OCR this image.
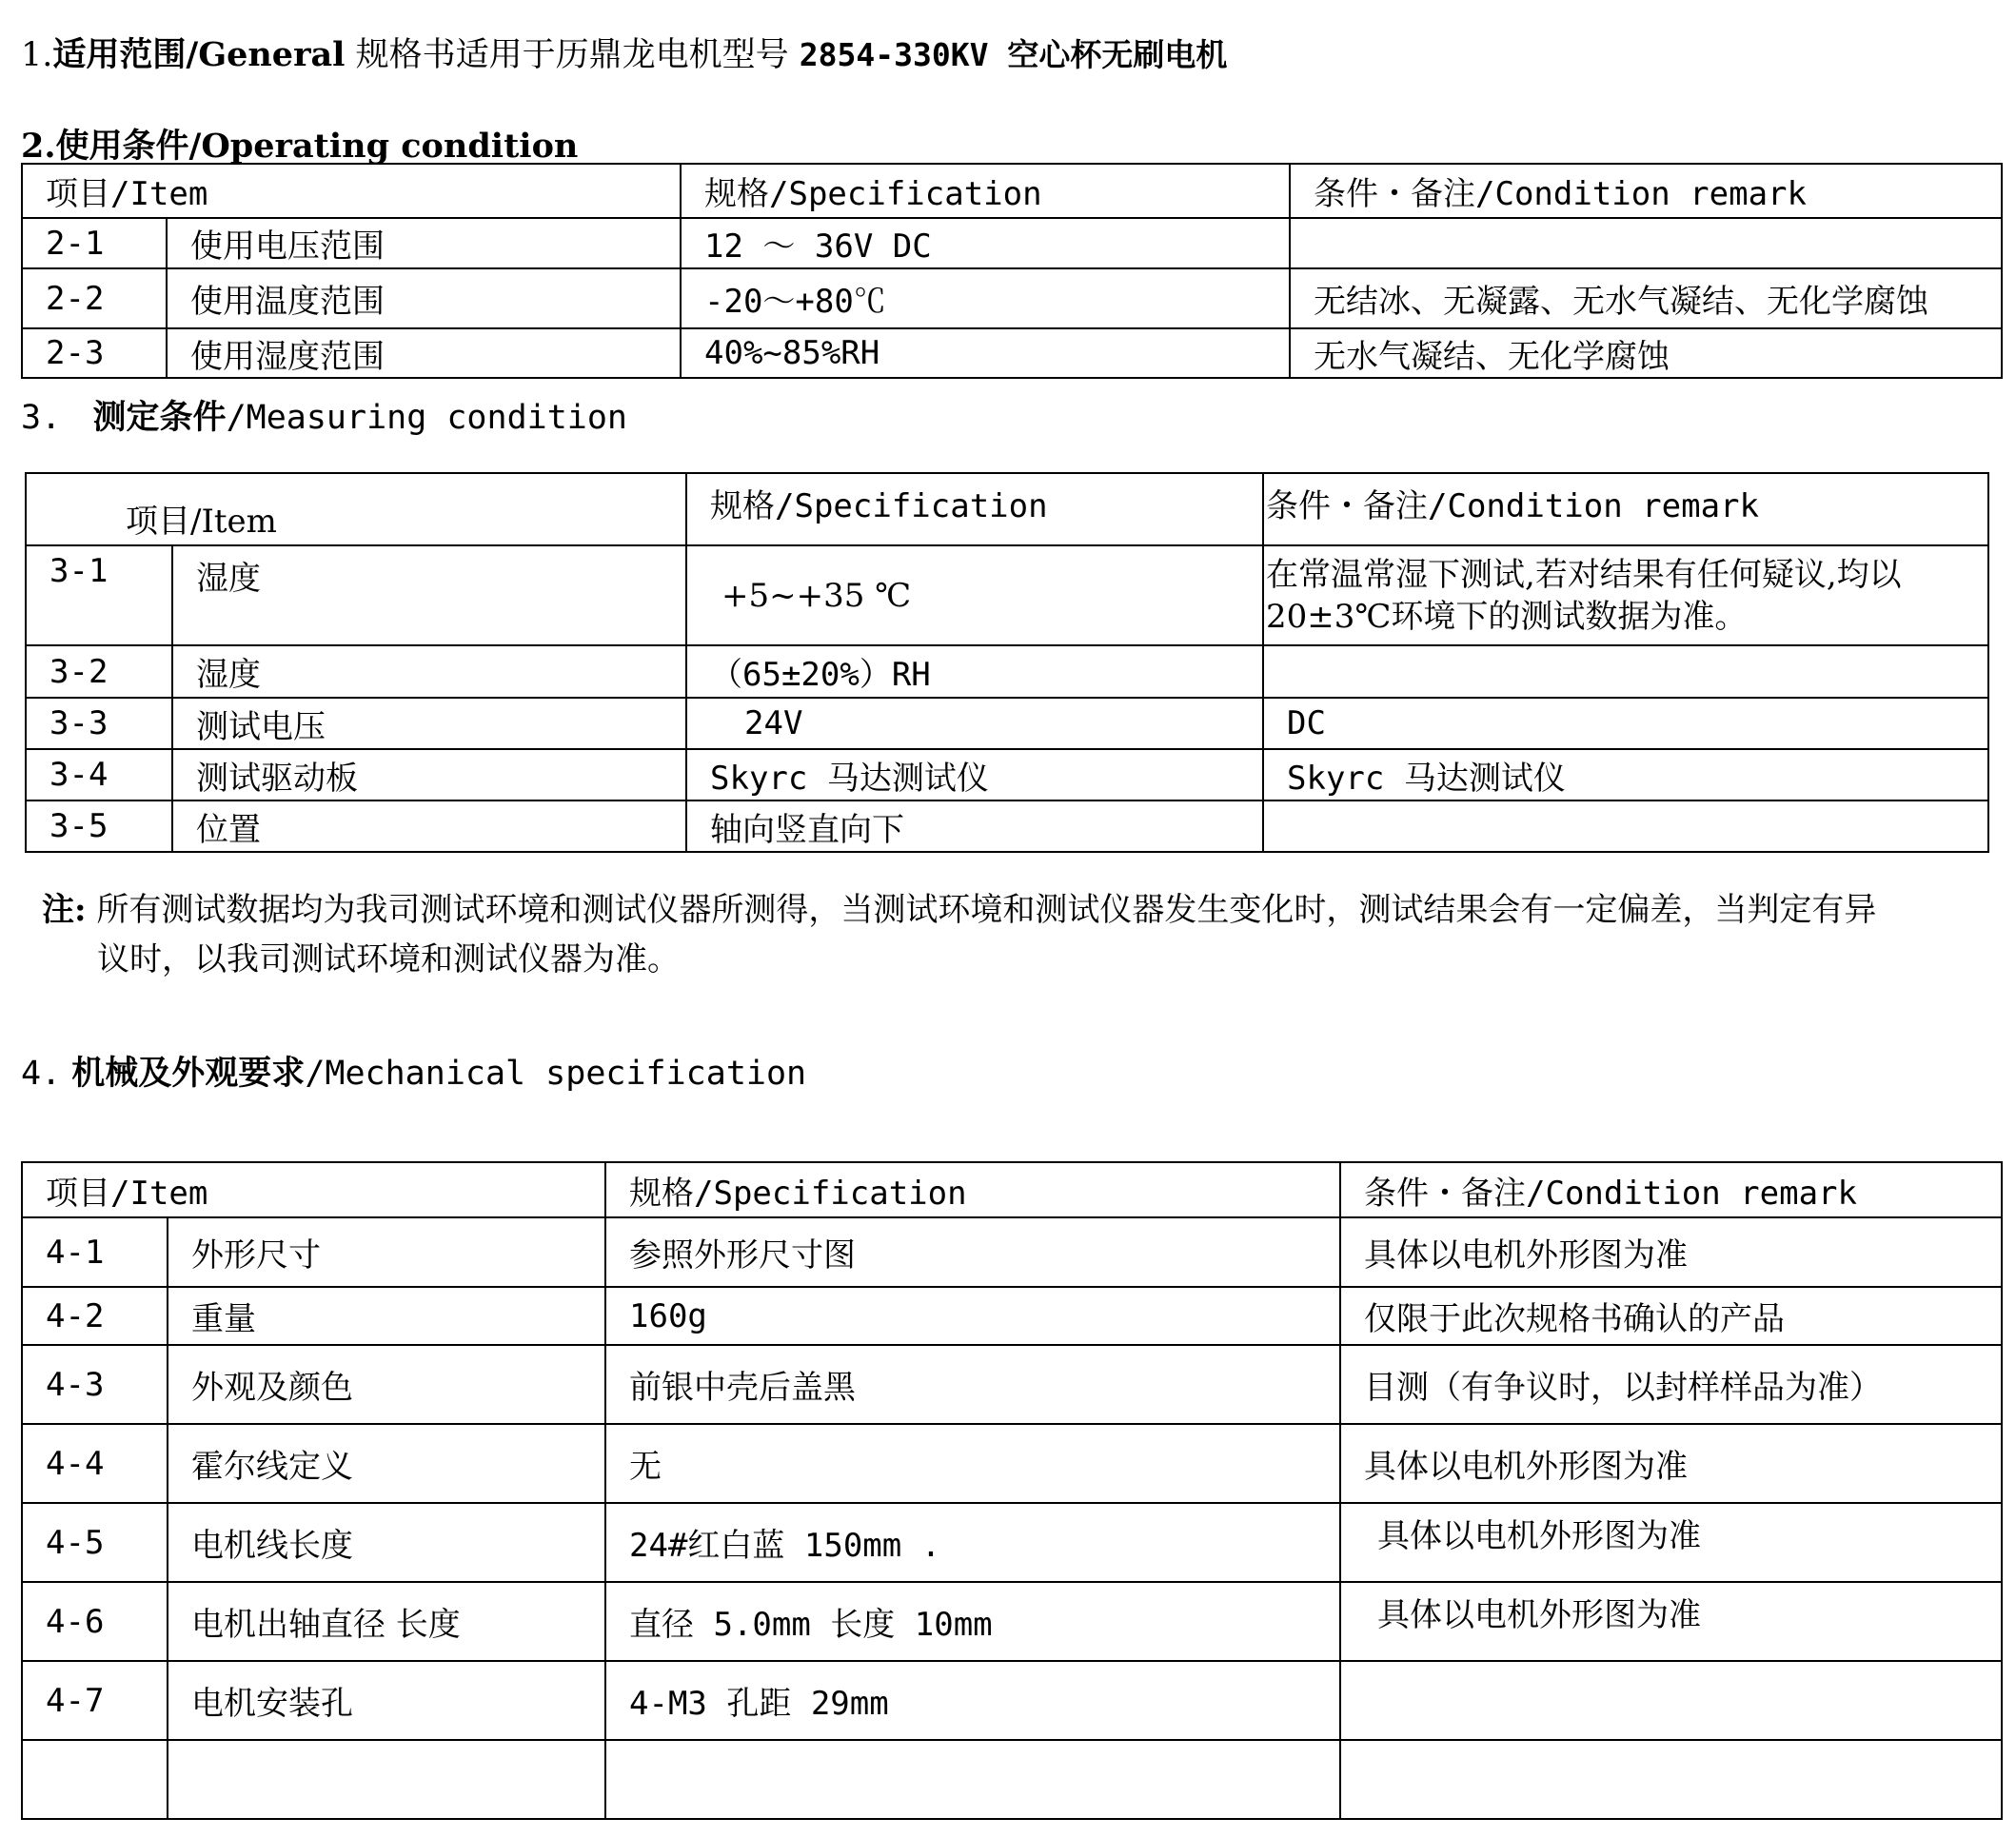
1.适用范围/General 规格书适用于历鼎龙电机型号 2854-330KV 空心杯无刷电机
2.使用条件/Operating condition
项目/Item		规格/Specification	条件・备注/Condition remark
2-1	使用电压范围	12 ～ 36V DC	
2-2	使用温度范围	-20～+80℃	无结冰、无凝露、无水气凝结、无化学腐蚀
2-3	使用湿度范围	40%~85%RH	无水气凝结、无化学腐蚀
3. 测定条件/Measuring condition
项目/Item		规格/Specification	条件・备注/Condition remark
3-1	湿度	+5~+35 ℃	在常温常湿下测试,若对结果有任何疑议,均以20±3℃环境下的测试数据为准。
3-2	湿度	（65±20%）RH	
3-3	测试电压	24V	DC
3-4	测试驱动板	Skyrc 马达测试仪	Skyrc 马达测试仪
3-5	位置	轴向竖直向下	
注: 所有测试数据均为我司测试环境和测试仪器所测得，当测试环境和测试仪器发生变化时，测试结果会有一定偏差，当判定有异
议时，以我司测试环境和测试仪器为准。
4. 机械及外观要求/Mechanical specification
项目/Item		规格/Specification	条件・备注/Condition remark
4-1	外形尺寸	参照外形尺寸图	具体以电机外形图为准
4-2	重量	160g	仅限于此次规格书确认的产品
4-3	外观及颜色	前银中壳后盖黑	目测（有争议时，以封样样品为准）
4-4	霍尔线定义	无	具体以电机外形图为准
4-5	电机线长度	24#红白蓝 150mm .	具体以电机外形图为准
4-6	电机出轴直径 长度	直径 5.0mm 长度 10mm	具体以电机外形图为准
4-7	电机安装孔	4-M3 孔距 29mm	
